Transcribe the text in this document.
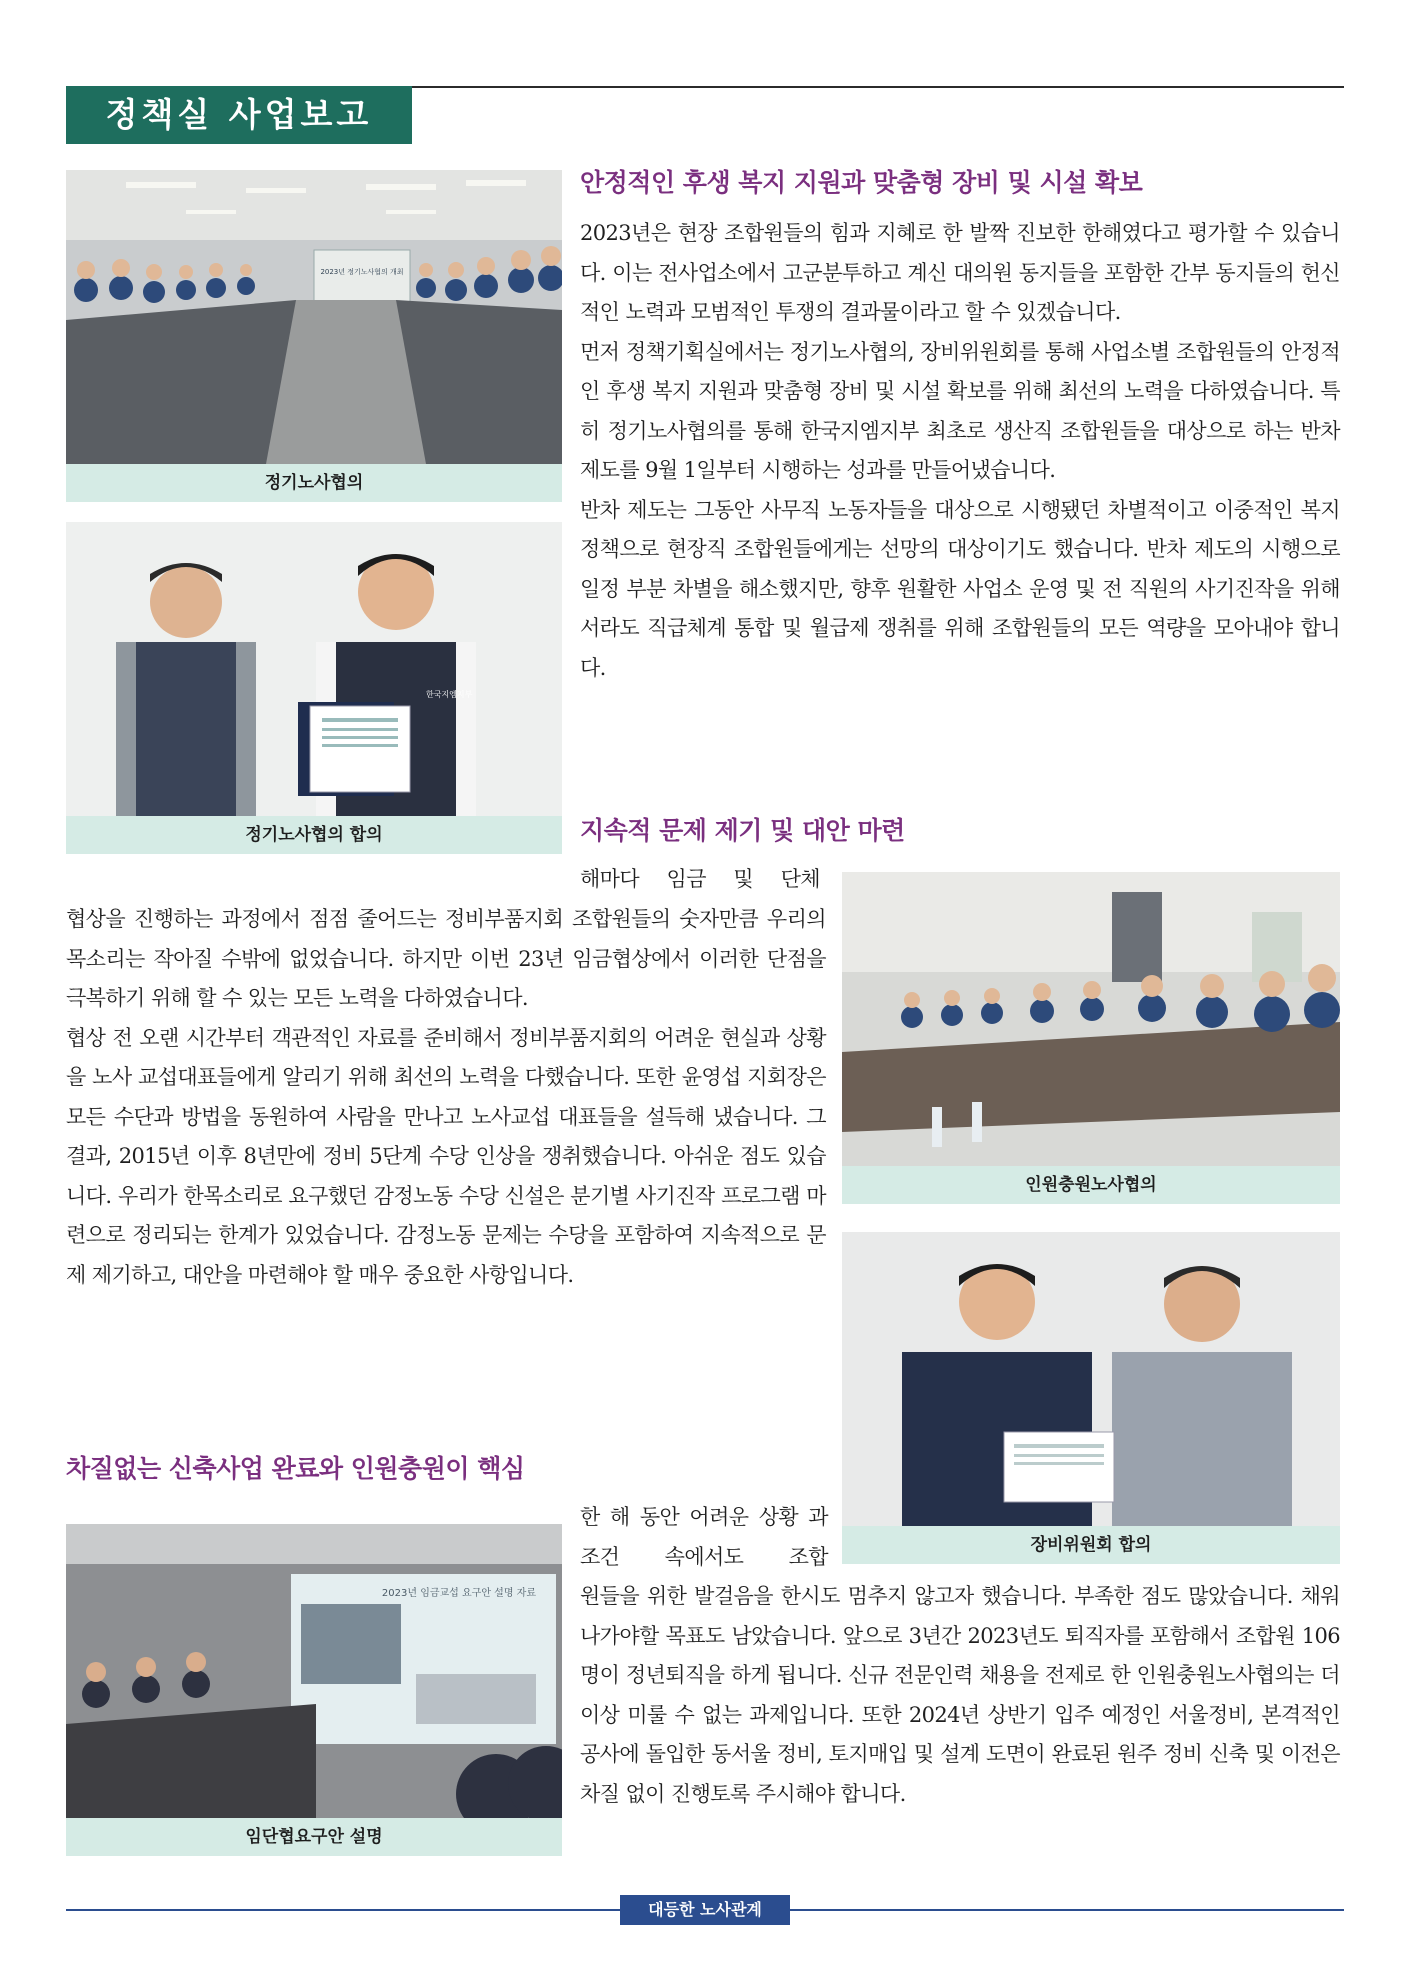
정책실 사업보고
2023년 정기노사협의 개최
정기노사협의
한국지엠지부
정기노사협의 합의
안정적인 후생 복지 지원과 맞춤형 장비 및 시설 확보

2023년은 현장 조합원들의 힘과 지혜로 한 발짝 진보한 한해였다고 평가할 수 있습니다. 이는 전사업소에서 고군분투하고 계신 대의원 동지들을 포함한 간부 동지들의 헌신적인 노력과 모범적인 투쟁의 결과물이라고 할 수 있겠습니다.

먼저 정책기획실에서는 정기노사협의, 장비위원회를 통해 사업소별 조합원들의 안정적인 후생 복지 지원과 맞춤형 장비 및 시설 확보를 위해 최선의 노력을 다하였습니다. 특히 정기노사협의를 통해 한국지엠지부 최초로 생산직 조합원들을 대상으로 하는 반차 제도를 9월 1일부터 시행하는 성과를 만들어냈습니다.

반차 제도는 그동안 사무직 노동자들을 대상으로 시행됐던 차별적이고 이중적인 복지정책으로 현장직 조합원들에게는 선망의 대상이기도 했습니다. 반차 제도의 시행으로 일정 부분 차별을 해소했지만, 향후 원활한 사업소 운영 및 전 직원의 사기진작을 위해서라도 직급체계 통합 및 월급제 쟁취를 위해 조합원들의 모든 역량을 모아내야 합니다.

지속적 문제 제기 및 대안 마련
해마다 임금 및 단체

협상을 진행하는 과정에서 점점 줄어드는 정비부품지회 조합원들의 숫자만큼 우리의 목소리는 작아질 수밖에 없었습니다. 하지만 이번 23년 임금협상에서 이러한 단점을 극복하기 위해 할 수 있는 모든 노력을 다하였습니다.

협상 전 오랜 시간부터 객관적인 자료를 준비해서 정비부품지회의 어려운 현실과 상황을 노사 교섭대표들에게 알리기 위해 최선의 노력을 다했습니다. 또한 윤영섭 지회장은 모든 수단과 방법을 동원하여 사람을 만나고 노사교섭 대표들을 설득해 냈습니다. 그 결과, 2015년 이후 8년만에 정비 5단계 수당 인상을 쟁취했습니다. 아쉬운 점도 있습니다. 우리가 한목소리로 요구했던 감정노동 수당 신설은 분기별 사기진작 프로그램 마련으로 정리되는 한계가 있었습니다. 감정노동 문제는 수당을 포함하여 지속적으로 문제 제기하고, 대안을 마련해야 할 매우 중요한 사항입니다.

인원충원노사협의
장비위원회 합의
차질없는 신축사업 완료와 인원충원이 핵심
한 해 동안 어려운 상황 과 조건 속에서도 조합

원들을 위한 발걸음을 한시도 멈추지 않고자 했습니다. 부족한 점도 많았습니다. 채워 나가야할 목표도 남았습니다. 앞으로 3년간 2023년도 퇴직자를 포함해서 조합원 106명이 정년퇴직을 하게 됩니다. 신규 전문인력 채용을 전제로 한 인원충원노사협의는 더 이상 미룰 수 없는 과제입니다. 또한 2024년 상반기 입주 예정인 서울정비, 본격적인 공사에 돌입한 동서울 정비, 토지매입 및 설계 도면이 완료된 원주 정비 신축 및 이전은 차질 없이 진행토록 주시해야 합니다.

2023년 임금교섭 요구안 설명 자료
임단협요구안 설명
대등한 노사관계
